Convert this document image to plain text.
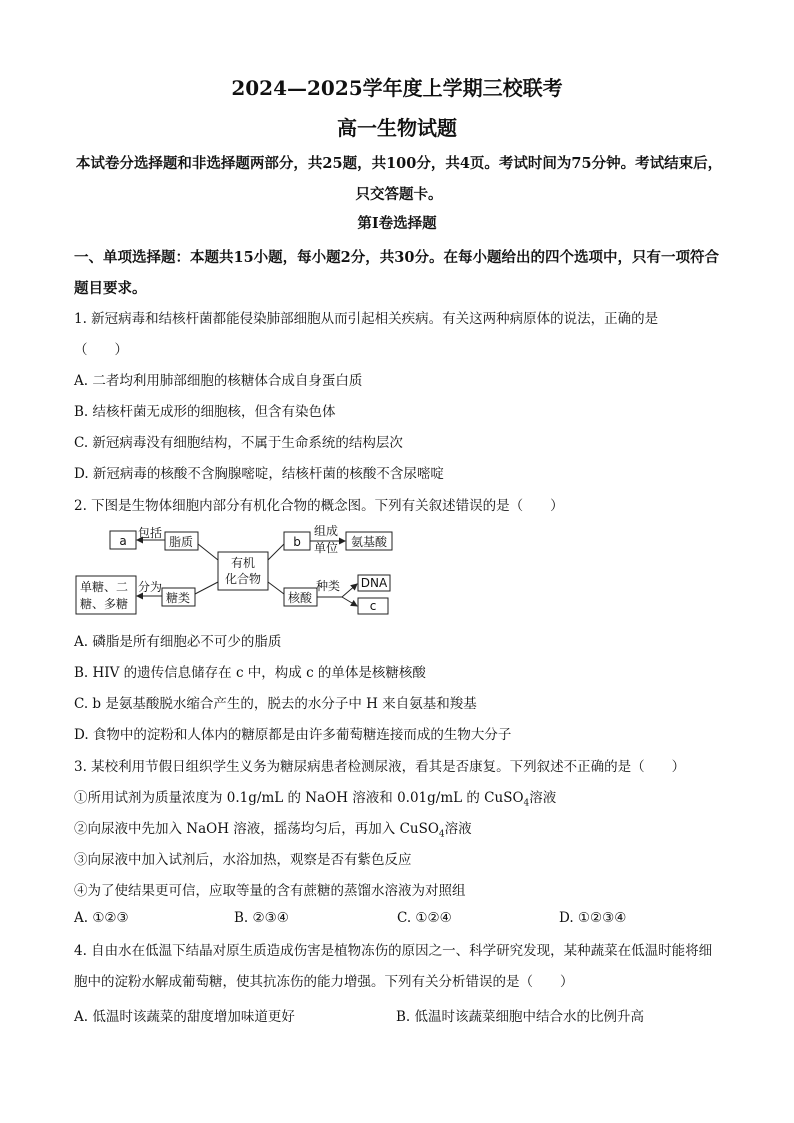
2024—2025学年度上学期三校联考
高一生物试题
本试卷分选择题和非选择题两部分，共25题，共100分，共4页。考试时间为75分钟。考试结束后，只交答题卡。
第Ⅰ卷选择题
一、单项选择题：本题共15小题，每小题2分，共30分。在每小题给出的四个选项中，只有一项符合题目要求。
1. 新冠病毒和结核杆菌都能侵染肺部细胞从而引起相关疾病。有关这两种病原体的说法，正确的是
（　　）
A. 二者均利用肺部细胞的核糖体合成自身蛋白质
B. 结核杆菌无成形的细胞核，但含有染色体
C. 新冠病毒没有细胞结构，不属于生命系统的结构层次
D. 新冠病毒的核酸不含胸腺嘧啶，结核杆菌的核酸不含尿嘧啶
2. 下图是生物体细胞内部分有机化合物的概念图。下列有关叙述错误的是（　　）
有机
化合物
a	脂质
包括
b
组成
单位 氨基酸
单糖、二
糖、多糖
分为
糖类	核酸
种类 DNA
c
A. 磷脂是所有细胞必不可少的脂质
B. HIV 的遗传信息储存在 c 中，构成 c 的单体是核糖核酸
C. b 是氨基酸脱水缩合产生的，脱去的水分子中 H 来自氨基和羧基
D. 食物中的淀粉和人体内的糖原都是由许多葡萄糖连接而成的生物大分子
3. 某校利用节假日组织学生义务为糖尿病患者检测尿液，看其是否康复。下列叙述不正确的是（　　）
①所用试剂为质量浓度为 0.1g/mL 的 NaOH 溶液和 0.01g/mL 的 CuSO$_4$溶液
②向尿液中先加入 NaOH 溶液，摇荡均匀后，再加入 CuSO$_4$溶液
③向尿液中加入试剂后，水浴加热，观察是否有紫色反应
④为了使结果更可信，应取等量的含有蔗糖的蒸馏水溶液为对照组
A. ①②③	B. ②③④	C. ①②④	D. ①②③④
4. 自由水在低温下结晶对原生质造成伤害是植物冻伤的原因之一、科学研究发现，某种蔬菜在低温时能将细胞中的淀粉水解成葡萄糖，使其抗冻伤的能力增强。下列有关分析错误的是（　　）
A. 低温时该蔬菜的甜度增加味道更好	B. 低温时该蔬菜细胞中结合水的比例升高
